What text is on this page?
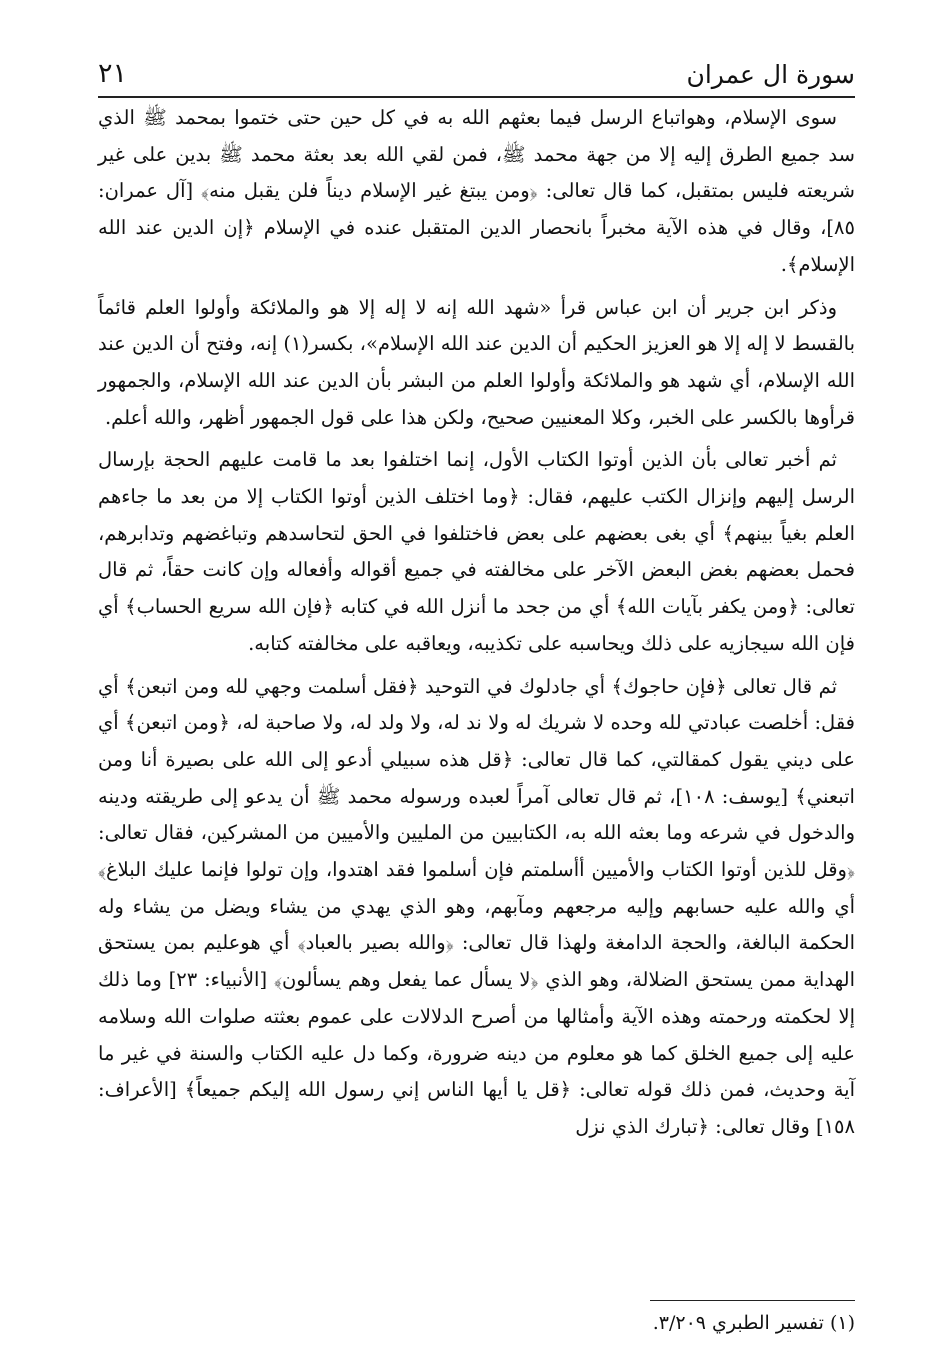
سورة ال عمران
٢١

سوى الإسلام، وهواتباع الرسل فيما بعثهم الله به في كل حين حتى ختموا بمحمد ﷺ الذي سد جميع الطرق إليه إلا من جهة محمد ﷺ، فمن لقي الله بعد بعثة محمد ﷺ بدين على غير شريعته فليس بمتقبل، كما قال تعالى: ﴿ومن يبتغ غير الإسلام ديناً فلن يقبل منه﴾ [آل عمران: ٨٥]، وقال في هذه الآية مخبراً بانحصار الدين المتقبل عنده في الإسلام ﴿إن الدين عند الله الإسلام﴾.

وذكر ابن جرير أن ابن عباس قرأ «شهد الله إنه لا إله إلا هو والملائكة وأولوا العلم قائماً بالقسط لا إله إلا هو العزيز الحكيم أن الدين عند الله الإسلام»، بكسر(١) إنه، وفتح أن الدين عند الله الإسلام، أي شهد هو والملائكة وأولوا العلم من البشر بأن الدين عند الله الإسلام، والجمهور قرأوها بالكسر على الخبر، وكلا المعنيين صحيح، ولكن هذا على قول الجمهور أظهر، والله أعلم.

ثم أخبر تعالى بأن الذين أوتوا الكتاب الأول، إنما اختلفوا بعد ما قامت عليهم الحجة بإرسال الرسل إليهم وإنزال الكتب عليهم، فقال: ﴿وما اختلف الذين أوتوا الكتاب إلا من بعد ما جاءهم العلم بغياً بينهم﴾ أي بغى بعضهم على بعض فاختلفوا في الحق لتحاسدهم وتباغضهم وتدابرهم، فحمل بعضهم بغض البعض الآخر على مخالفته في جميع أقواله وأفعاله وإن كانت حقاً، ثم قال تعالى: ﴿ومن يكفر بآيات الله﴾ أي من جحد ما أنزل الله في كتابه ﴿فإن الله سريع الحساب﴾ أي فإن الله سيجازيه على ذلك ويحاسبه على تكذيبه، ويعاقبه على مخالفته كتابه.

ثم قال تعالى ﴿فإن حاجوك﴾ أي جادلوك في التوحيد ﴿فقل أسلمت وجهي لله ومن اتبعن﴾ أي فقل: أخلصت عبادتي لله وحده لا شريك له ولا ند له، ولا ولد له، ولا صاحبة له، ﴿ومن اتبعن﴾ أي على ديني يقول كمقالتي، كما قال تعالى: ﴿قل هذه سبيلي أدعو إلى الله على بصيرة أنا ومن اتبعني﴾ [يوسف: ١٠٨]، ثم قال تعالى آمراً لعبده ورسوله محمد ﷺ أن يدعو إلى طريقته ودينه والدخول في شرعه وما بعثه الله به، الكتابيين من المليين والأميين من المشركين، فقال تعالى: ﴿وقل للذين أوتوا الكتاب والأميين أأسلمتم فإن أسلموا فقد اهتدوا، وإن تولوا فإنما عليك البلاغ﴾ أي والله عليه حسابهم وإليه مرجعهم ومآبهم، وهو الذي يهدي من يشاء ويضل من يشاء وله الحكمة البالغة، والحجة الدامغة ولهذا قال تعالى: ﴿والله بصير بالعباد﴾ أي هوعليم بمن يستحق الهداية ممن يستحق الضلالة، وهو الذي ﴿لا يسأل عما يفعل وهم يسألون﴾ [الأنبياء: ٢٣] وما ذلك إلا لحكمته ورحمته وهذه الآية وأمثالها من أصرح الدلالات على عموم بعثته صلوات الله وسلامه عليه إلى جميع الخلق كما هو معلوم من دينه ضرورة، وكما دل عليه الكتاب والسنة في غير ما آية وحديث، فمن ذلك قوله تعالى: ﴿قل يا أيها الناس إني رسول الله إليكم جميعاً﴾ [الأعراف: ١٥٨] وقال تعالى: ﴿تبارك الذي نزل

(١) تفسير الطبري ٣/٢٠٩.
